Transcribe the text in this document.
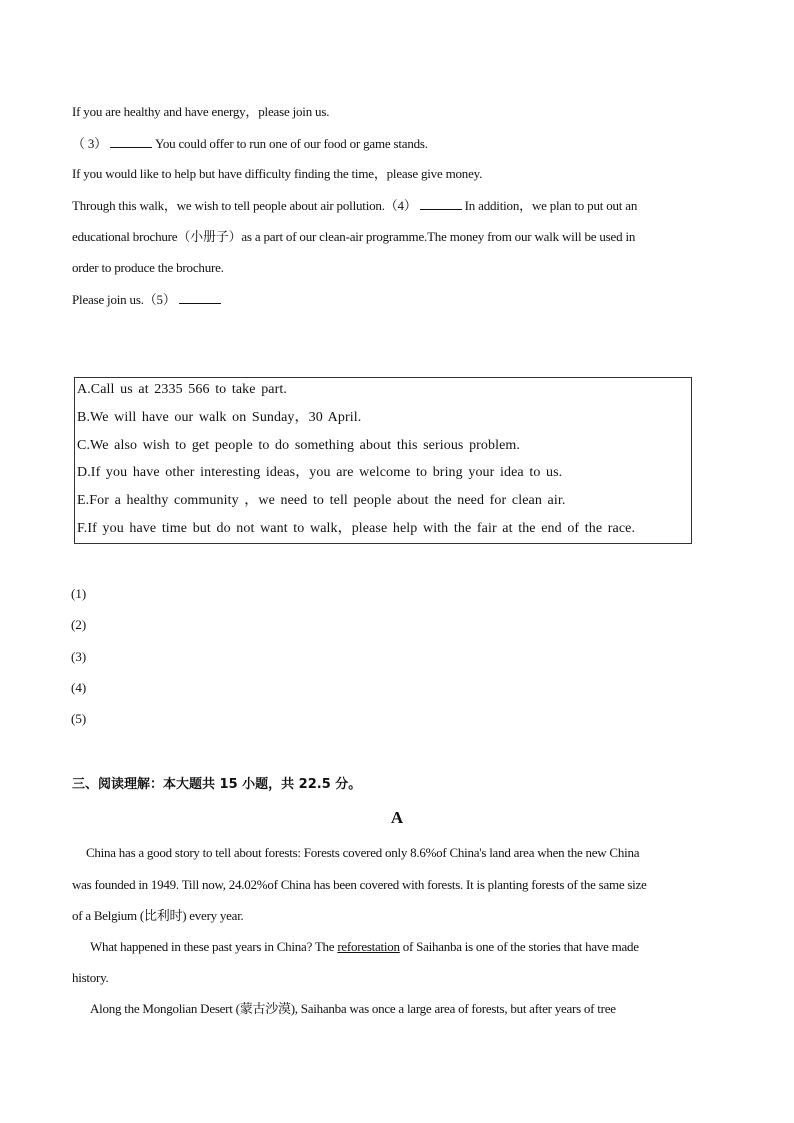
If you are healthy and have energy，please join us.
（ 3）	You could offer to run one of our food or game stands.
If you would like to help but have difficulty finding the time，please give money.
Through this walk，we wish to tell people about air pollution.（4）	In addition，we plan to put out an
educational brochure（小册子）as a part of our clean-air programme.The money from our walk will be used in
order to produce the brochure.
Please join us.（5）
A.Call us at 2335 566 to take part.
B.We will have our walk on Sunday，30 April.
C.We also wish to get people to do something about this serious problem.
D.If you have other interesting ideas，you are welcome to bring your idea to us.
E.For a healthy community ，we need to tell people about the need for clean air.
F.If you have time but do not want to walk，please help with the fair at the end of the race.
(1)
(2)
(3)
(4)
(5)
三、阅读理解：本大题共 15 小题，共 22.5 分。
A
China has a good story to tell about forests: Forests covered only 8.6%of China's land area when the new China
was founded in 1949. Till now, 24.02%of China has been covered with forests. It is planting forests of the same size
of a Belgium (比利时) every year.
What happened in these past years in China? The reforestation of Saihanba is one of the stories that have made
history.
Along the Mongolian Desert (蒙古沙漠), Saihanba was once a large area of forests, but after years of tree
